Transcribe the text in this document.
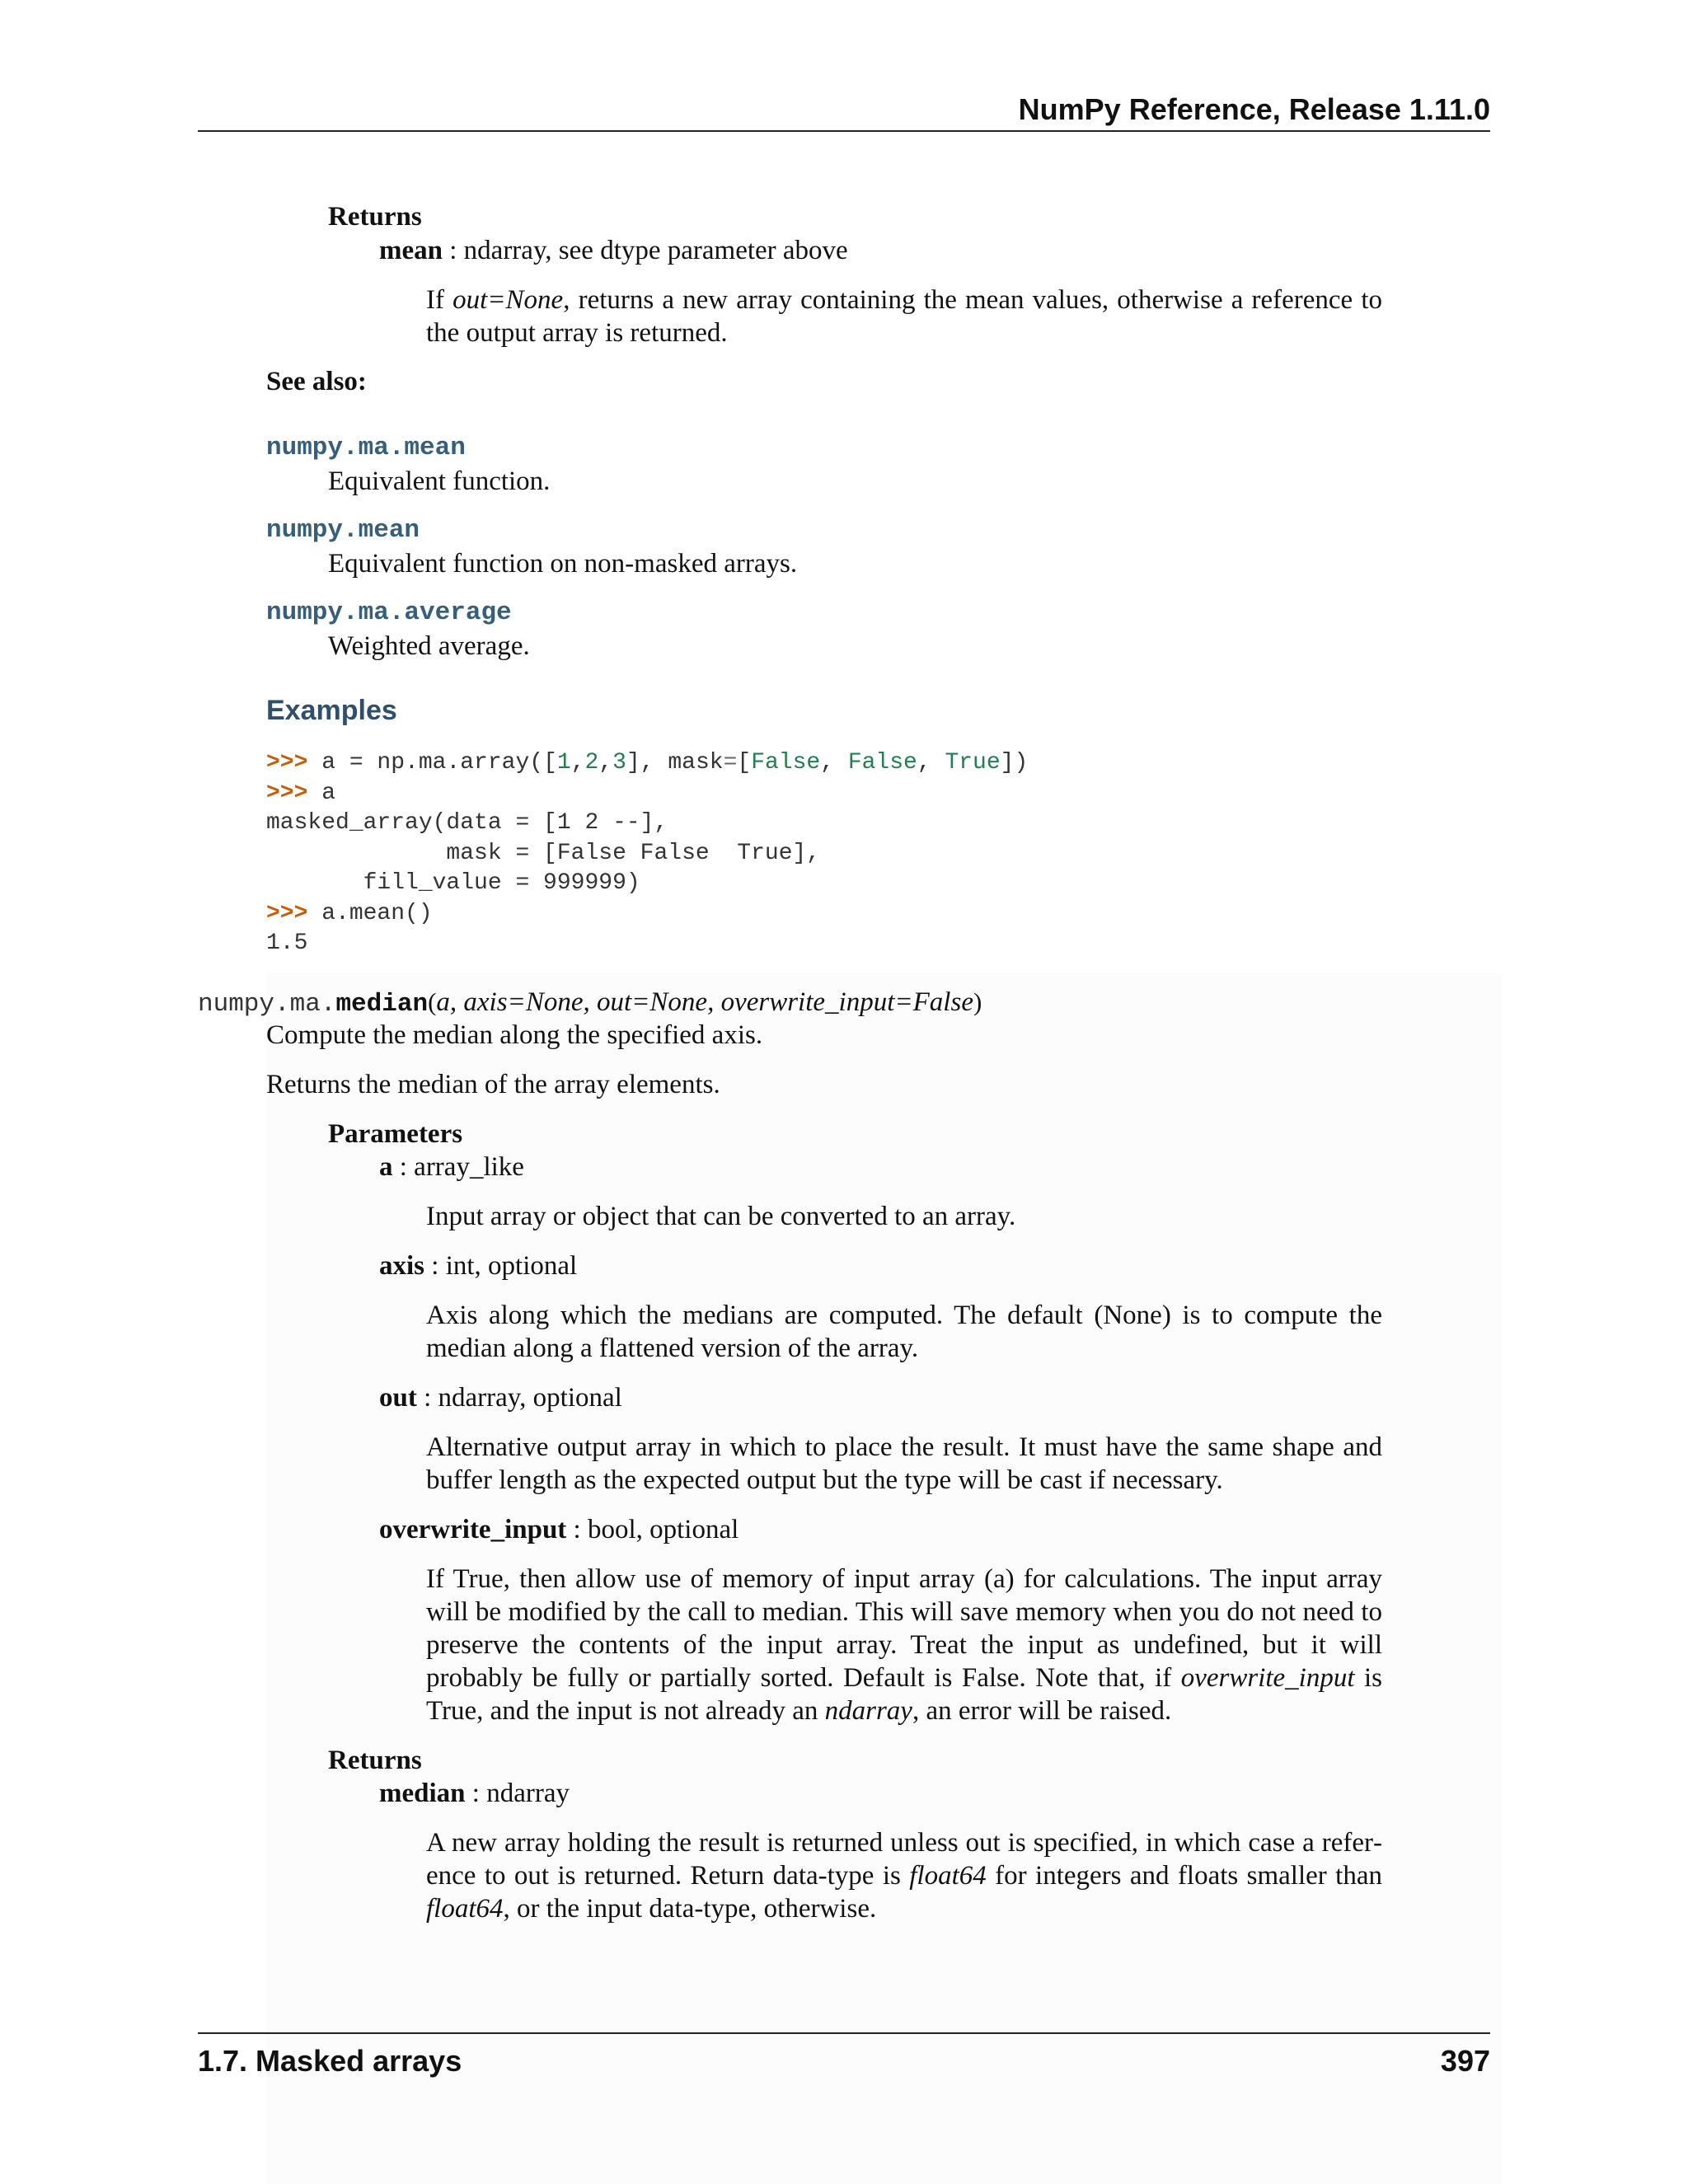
NumPy Reference, Release 1.11.0
Returns
mean : ndarray, see dtype parameter above
If out=None, returns a new array containing the mean values, otherwise a reference to the output array is returned.
See also:
numpy.ma.mean
Equivalent function.
numpy.mean
Equivalent function on non-masked arrays.
numpy.ma.average
Weighted average.
Examples
>>> a = np.ma.array([1,2,3], mask=[False, False, True])
>>> a
masked_array(data = [1 2 --],
mask = [False False  True],
fill_value = 999999)
>>> a.mean()
1.5
numpy.ma.median(a, axis=None, out=None, overwrite_input=False)
Compute the median along the specified axis.
Returns the median of the array elements.
Parameters
a : array_like
Input array or object that can be converted to an array.
axis : int, optional
Axis along which the medians are computed. The default (None) is to compute the median along a flattened version of the array.
out : ndarray, optional
Alternative output array in which to place the result. It must have the same shape and buffer length as the expected output but the type will be cast if necessary.
overwrite_input : bool, optional
If True, then allow use of memory of input array (a) for calculations. The input array will be modified by the call to median. This will save memory when you do not need to preserve the contents of the input array. Treat the input as undefined, but it will probably be fully or partially sorted. Default is False. Note that, if overwrite_input is True, and the input is not already an ndarray, an error will be raised.
Returns
median : ndarray
A new array holding the result is returned unless out is specified, in which case a reference to out is returned. Return data-type is float64 for integers and floats smaller than float64, or the input data-type, otherwise.
1.7. Masked arrays	397
